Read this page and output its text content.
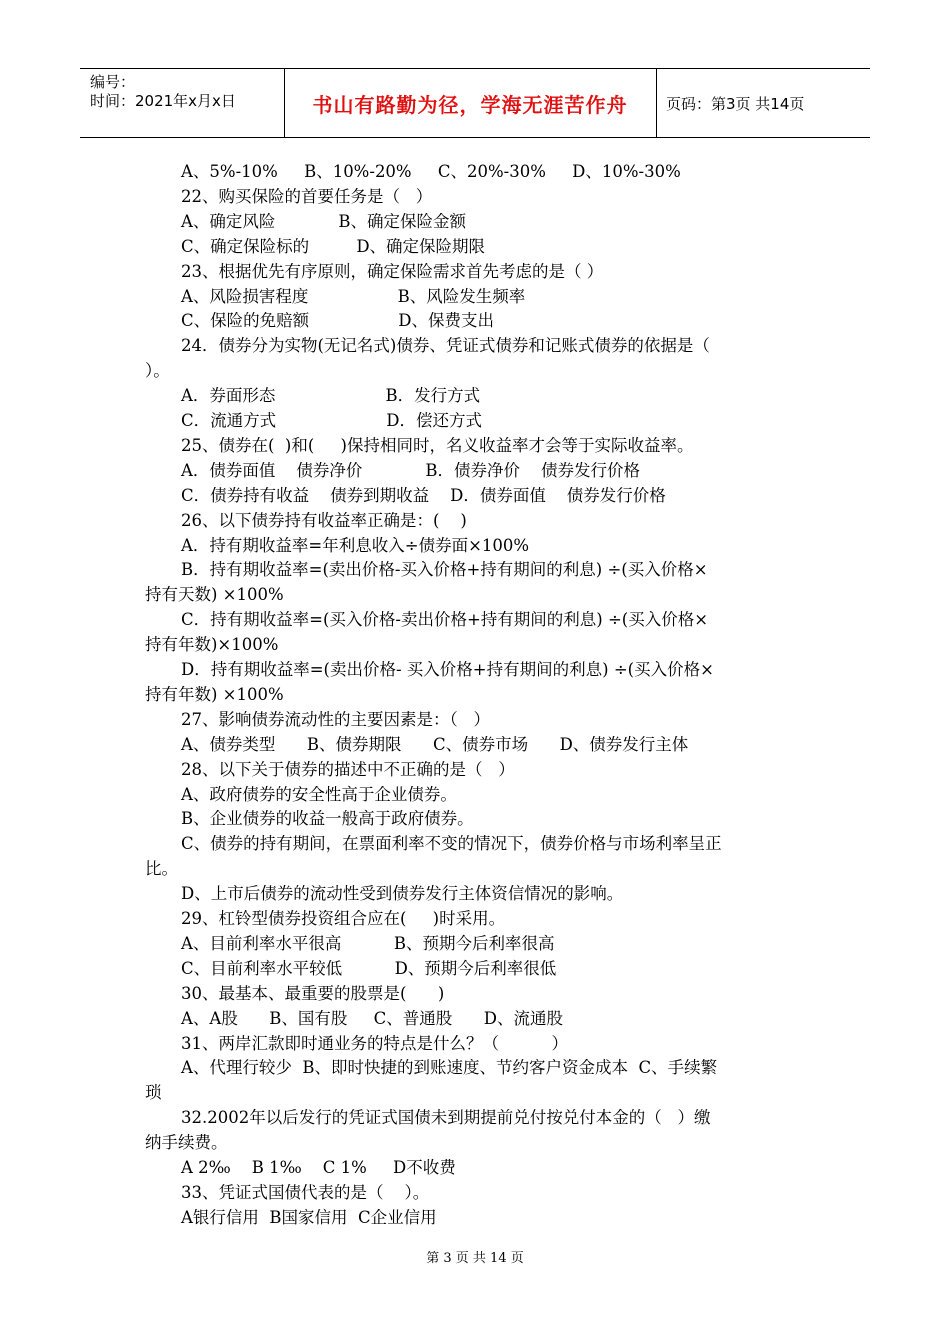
编号：
时间：2021年x月x日	书山有路勤为径，学海无涯苦作舟	页码：第3页 共14页
A、5%-10%     B、10%-20%     C、20%-30%     D、10%-30%
22、购买保险的首要任务是（   ）
A、确定风险            B、确定保险金额
C、确定保险标的         D、确定保险期限
23、根据优先有序原则，确定保险需求首先考虑的是（ ）
A、风险损害程度                 B、风险发生频率
C、保险的免赔额                 D、保费支出
24．债券分为实物(无记名式)债券、凭证式债券和记账式债券的依据是（
）。
A．券面形态                     B．发行方式
C．流通方式                     D．偿还方式
25、债券在(  )和(     )保持相同时，名义收益率才会等于实际收益率。
A．债券面值    债券净价            B．债券净价    债券发行价格
C．债券持有收益    债券到期收益    D．债券面值    债券发行价格
26、以下债券持有收益率正确是：(    )
A．持有期收益率=年利息收入÷债券面×100%
B．持有期收益率=(卖出价格-买入价格+持有期间的利息) ÷(买入价格×
持有天数) ×100%
C．持有期收益率=(买入价格-卖出价格+持有期间的利息) ÷(买入价格×
持有年数)×100%
D．持有期收益率=(卖出价格- 买入价格+持有期间的利息) ÷(买入价格×
持有年数) ×100%
27、影响债券流动性的主要因素是：（   ）
A、债券类型      B、债券期限      C、债券市场      D、债券发行主体
28、以下关于债券的描述中不正确的是（   ）
A、政府债券的安全性高于企业债券。
B、企业债券的收益一般高于政府债券。
C、债券的持有期间，在票面利率不变的情况下，债券价格与市场利率呈正
比。
D、上市后债券的流动性受到债券发行主体资信情况的影响。
29、杠铃型债券投资组合应在(     )时采用。
A、目前利率水平很高          B、预期今后利率很高
C、目前利率水平较低          D、预期今后利率很低
30、最基本、最重要的股票是(      )
A、A股      B、国有股     C、普通股      D、流通股
31、两岸汇款即时通业务的特点是什么？（          ）
A、代理行较少  B、即时快捷的到账速度、节约客户资金成本  C、手续繁
琐
32.2002年以后发行的凭证式国债未到期提前兑付按兑付本金的（   ）缴
纳手续费。
A 2‰    B 1‰    C 1%     D不收费
33、凭证式国债代表的是（    ）。
A银行信用  B国家信用  C企业信用
第 3 页 共 14 页
